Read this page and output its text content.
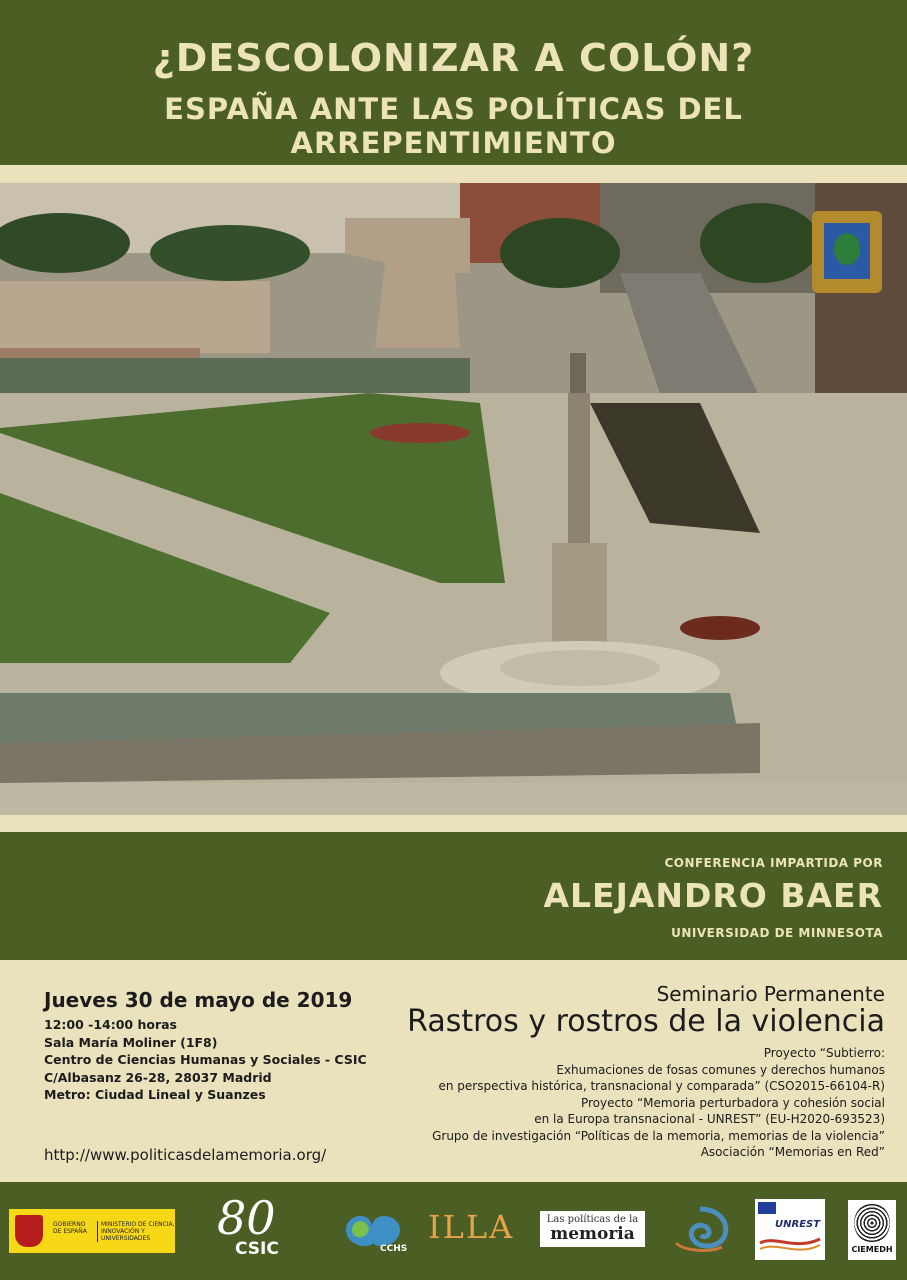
¿DESCOLONIZAR A COLÓN?
ESPAÑA ANTE LAS POLÍTICAS DEL ARREPENTIMIENTO
CONFERENCIA IMPARTIDA POR
ALEJANDRO BAER
UNIVERSIDAD DE MINNESOTA
Jueves 30 de mayo de 2019
12:00 -14:00 horas
Sala María Moliner (1F8)
Centro de Ciencias Humanas y Sociales - CSIC
C/Albasanz 26-28, 28037 Madrid
Metro: Ciudad Lineal y Suanzes
http://www.politicasdelamemoria.org/
Seminario Permanente
Rastros y rostros de la violencia
Proyecto “Subtierro:
Exhumaciones de fosas comunes y derechos humanos
en perspectiva histórica, transnacional y comparada” (CSO2015-66104-R)
Proyecto “Memoria perturbadora y cohesión social
en la Europa transnacional - UNREST” (EU-H2020-693523)
Grupo de investigación “Políticas de la memoria, memorias de la violencia”
Asociación “Memorias en Red”
GOBIERNO DE ESPAÑA
MINISTERIO DE CIENCIA, INNOVACIÓN Y UNIVERSIDADES	80
CSIC	CCHS
ILLA	Las políticas de la
memoria	UNREST
CIEMEDH
